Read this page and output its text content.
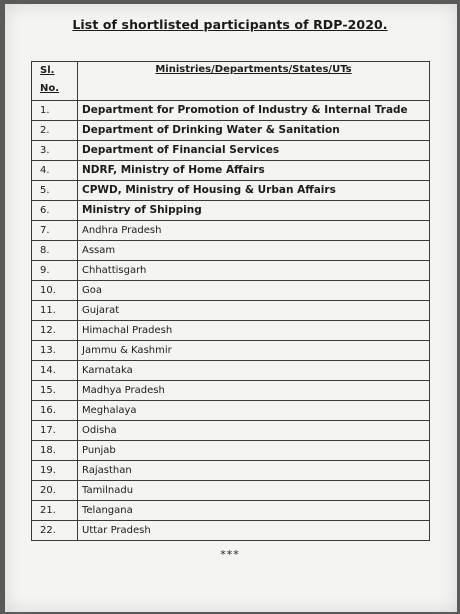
List of shortlisted participants of RDP-2020.
Sl.
No.	Ministries/Departments/States/UTs
1.	Department for Promotion of Industry & Internal Trade
2.	Department of Drinking Water & Sanitation
3.	Department of Financial Services
4.	NDRF, Ministry of Home Affairs
5.	CPWD, Ministry of Housing & Urban Affairs
6.	Ministry of Shipping
7.	Andhra Pradesh
8.	Assam
9.	Chhattisgarh
10.	Goa
11.	Gujarat
12.	Himachal Pradesh
13.	Jammu & Kashmir
14.	Karnataka
15.	Madhya Pradesh
16.	Meghalaya
17.	Odisha
18.	Punjab
19.	Rajasthan
20.	Tamilnadu
21.	Telangana
22.	Uttar Pradesh
***
